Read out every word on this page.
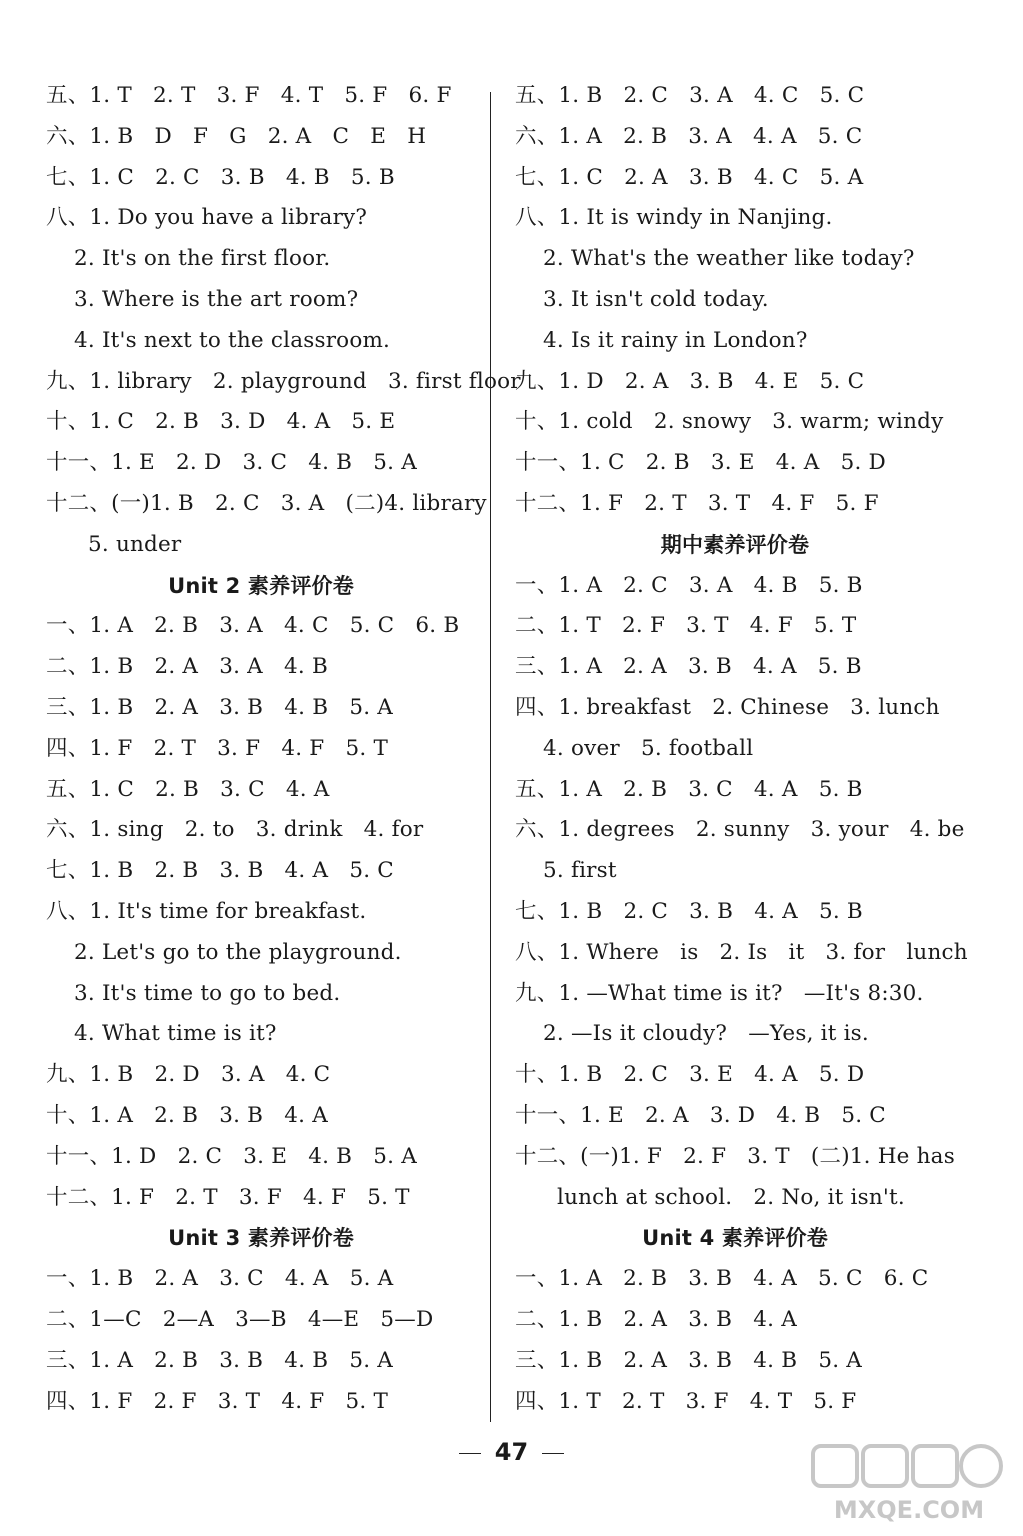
五、1. T   2. T   3. F   4. T   5. F   6. F
六、1. B   D   F   G   2. A   C   E   H
七、1. C   2. C   3. B   4. B   5. B
八、1. Do you have a library?
2. It's on the first floor.
3. Where is the art room?
4. It's next to the classroom.
九、1. library   2. playground   3. first floor
十、1. C   2. B   3. D   4. A   5. E
十一、1. E   2. D   3. C   4. B   5. A
十二、(一)1. B   2. C   3. A   (二)4. library
5. under
Unit 2 素养评价卷
一、1. A   2. B   3. A   4. C   5. C   6. B
二、1. B   2. A   3. A   4. B
三、1. B   2. A   3. B   4. B   5. A
四、1. F   2. T   3. F   4. F   5. T
五、1. C   2. B   3. C   4. A
六、1. sing   2. to   3. drink   4. for
七、1. B   2. B   3. B   4. A   5. C
八、1. It's time for breakfast.
2. Let's go to the playground.
3. It's time to go to bed.
4. What time is it?
九、1. B   2. D   3. A   4. C
十、1. A   2. B   3. B   4. A
十一、1. D   2. C   3. E   4. B   5. A
十二、1. F   2. T   3. F   4. F   5. T
Unit 3 素养评价卷
一、1. B   2. A   3. C   4. A   5. A
二、1—C   2—A   3—B   4—E   5—D
三、1. A   2. B   3. B   4. B   5. A
四、1. F   2. F   3. T   4. F   5. T
五、1. B   2. C   3. A   4. C   5. C
六、1. A   2. B   3. A   4. A   5. C
七、1. C   2. A   3. B   4. C   5. A
八、1. It is windy in Nanjing.
2. What's the weather like today?
3. It isn't cold today.
4. Is it rainy in London?
九、1. D   2. A   3. B   4. E   5. C
十、1. cold   2. snowy   3. warm; windy
十一、1. C   2. B   3. E   4. A   5. D
十二、1. F   2. T   3. T   4. F   5. F
期中素养评价卷
一、1. A   2. C   3. A   4. B   5. B
二、1. T   2. F   3. T   4. F   5. T
三、1. A   2. A   3. B   4. A   5. B
四、1. breakfast   2. Chinese   3. lunch
4. over   5. football
五、1. A   2. B   3. C   4. A   5. B
六、1. degrees   2. sunny   3. your   4. be
5. first
七、1. B   2. C   3. B   4. A   5. B
八、1. Where   is   2. Is   it   3. for   lunch
九、1. —What time is it?   —It's 8:30.
2. —Is it cloudy?   —Yes, it is.
十、1. B   2. C   3. E   4. A   5. D
十一、1. E   2. A   3. D   4. B   5. C
十二、(一)1. F   2. F   3. T   (二)1. He has
lunch at school.   2. No, it isn't.
Unit 4 素养评价卷
一、1. A   2. B   3. B   4. A   5. C   6. C
二、1. B   2. A   3. B   4. A
三、1. B   2. A   3. B   4. B   5. A
四、1. T   2. T   3. F   4. T   5. F
47
MXQE.COM
